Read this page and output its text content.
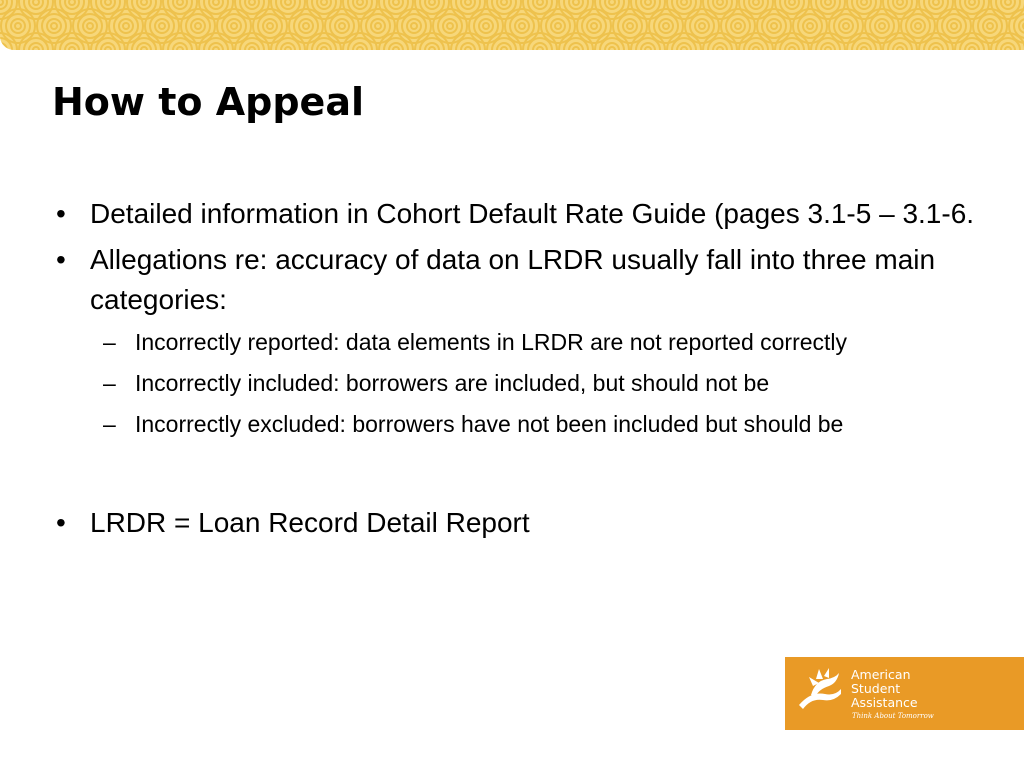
How to Appeal
• Detailed information in Cohort Default Rate Guide (pages 3.1-5 – 3.1-6.
• Allegations re: accuracy of data on LRDR usually fall into three main categories:
– Incorrectly reported: data elements in LRDR are not reported correctly
– Incorrectly included: borrowers are included, but should not be
– Incorrectly excluded: borrowers have not been included but should be
• LRDR = Loan Record Detail Report
American
Student
Assistance
Think About Tomorrow
